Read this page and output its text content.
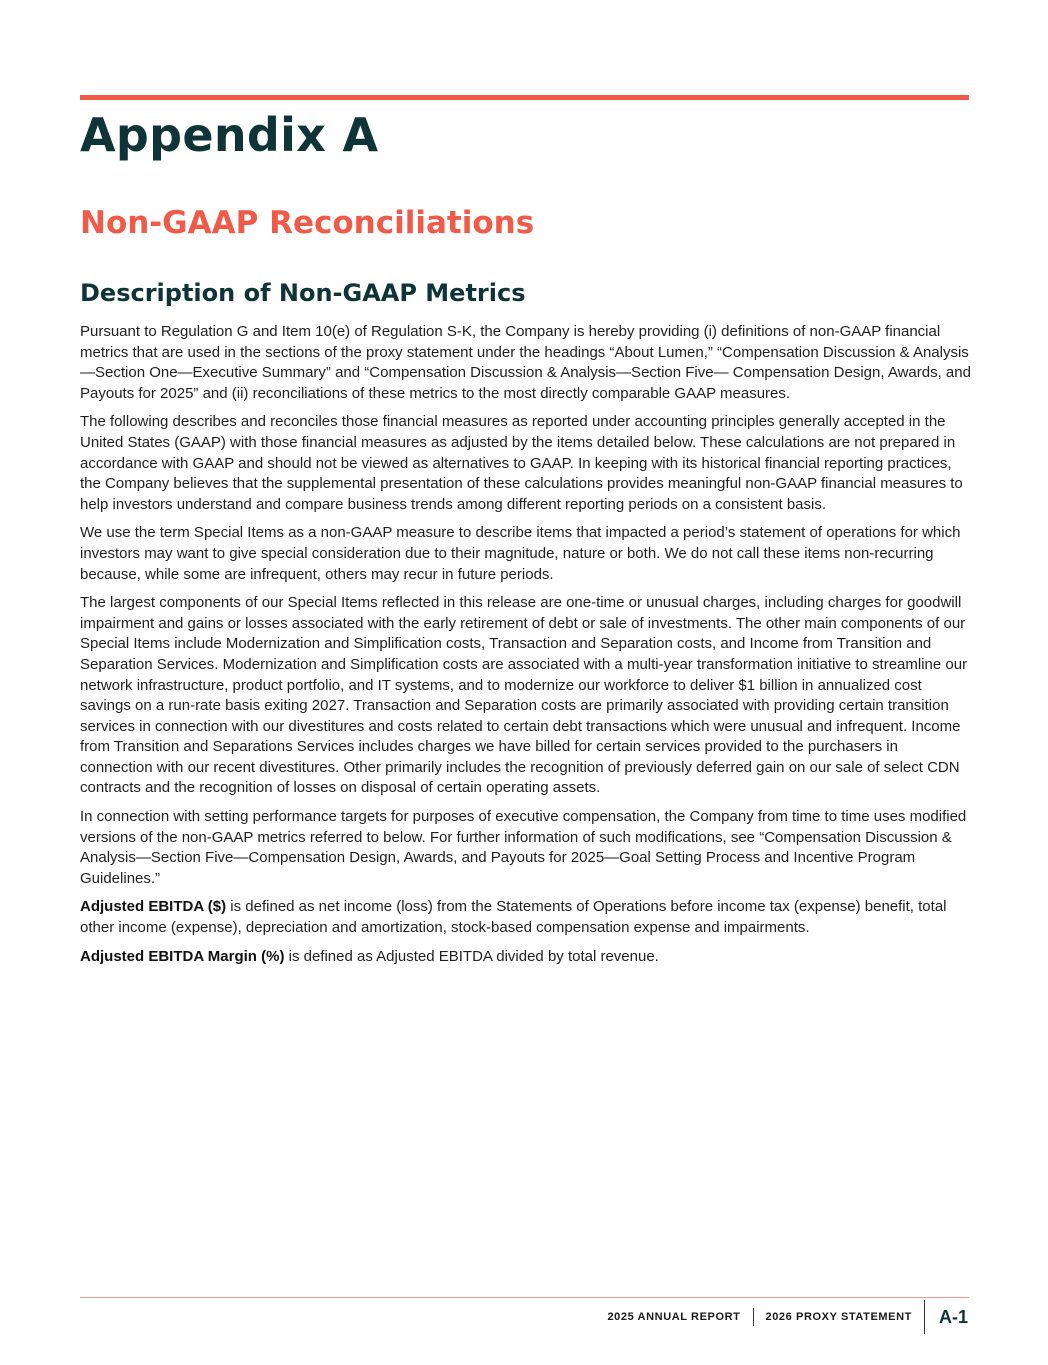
Appendix A
Non-GAAP Reconciliations
Description of Non-GAAP Metrics

Pursuant to Regulation G and Item 10(e) of Regulation S-K, the Company is hereby providing (i) definitions of non-GAAP financial metrics that are used in the sections of the proxy statement under the headings “About Lumen,” “Compensation Discussion & Analysis—Section One—Executive Summary” and “Compensation Discussion & Analysis—Section Five— Compensation Design, Awards, and Payouts for 2025” and (ii) reconciliations of these metrics to the most directly comparable GAAP measures.

The following describes and reconciles those financial measures as reported under accounting principles generally accepted in the United States (GAAP) with those financial measures as adjusted by the items detailed below. These calculations are not prepared in accordance with GAAP and should not be viewed as alternatives to GAAP. In keeping with its historical financial reporting practices, the Company believes that the supplemental presentation of these calculations provides meaningful non-GAAP financial measures to help investors understand and compare business trends among different reporting periods on a consistent basis.

We use the term Special Items as a non-GAAP measure to describe items that impacted a period’s statement of operations for which investors may want to give special consideration due to their magnitude, nature or both. We do not call these items non-recurring because, while some are infrequent, others may recur in future periods.

The largest components of our Special Items reflected in this release are one-time or unusual charges, including charges for goodwill impairment and gains or losses associated with the early retirement of debt or sale of investments. The other main components of our Special Items include Modernization and Simplification costs, Transaction and Separation costs, and Income from Transition and Separation Services. Modernization and Simplification costs are associated with a multi-year transformation initiative to streamline our network infrastructure, product portfolio, and IT systems, and to modernize our workforce to deliver $1 billion in annualized cost savings on a run-rate basis exiting 2027. Transaction and Separation costs are primarily associated with providing certain transition services in connection with our divestitures and costs related to certain debt transactions which were unusual and infrequent. Income from Transition and Separations Services includes charges we have billed for certain services provided to the purchasers in connection with our recent divestitures. Other primarily includes the recognition of previously deferred gain on our sale of select CDN contracts and the recognition of losses on disposal of certain operating assets.

In connection with setting performance targets for purposes of executive compensation, the Company from time to time uses modified versions of the non-GAAP metrics referred to below. For further information of such modifications, see “Compensation Discussion & Analysis—Section Five—Compensation Design, Awards, and Payouts for 2025—Goal Setting Process and Incentive Program Guidelines.”

Adjusted EBITDA ($) is defined as net income (loss) from the Statements of Operations before income tax (expense) benefit, total other income (expense), depreciation and amortization, stock-based compensation expense and impairments.

Adjusted EBITDA Margin (%) is defined as Adjusted EBITDA divided by total revenue.

2025 ANNUAL REPORT 2026 PROXY STATEMENT A-1
